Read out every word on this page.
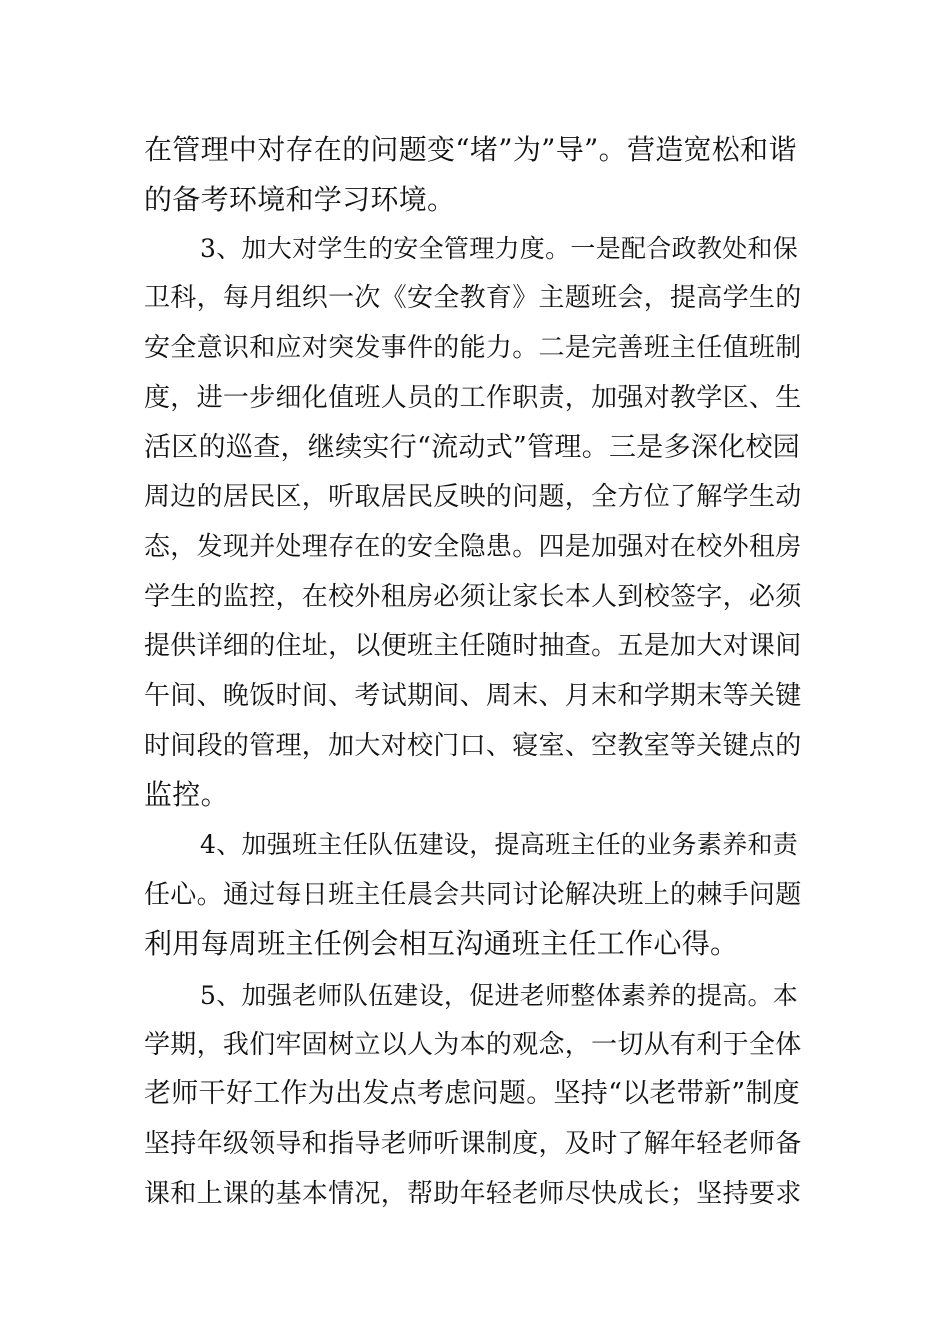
在管理中对存在的问题变“堵”为”导”。营造宽松和谐
的备考环境和学习环境。
3、加大对学生的安全管理力度。一是配合政教处和保
卫科，每月组织一次《安全教育》主题班会，提高学生的
安全意识和应对突发事件的能力。二是完善班主任值班制
度，进一步细化值班人员的工作职责，加强对教学区、生
活区的巡查，继续实行“流动式”管理。三是多深化校园
周边的居民区，听取居民反映的问题，全方位了解学生动
态，发现并处理存在的安全隐患。四是加强对在校外租房
学生的监控，在校外租房必须让家长本人到校签字，必须
提供详细的住址，以便班主任随时抽查。五是加大对课间
午间、晚饭时间、考试期间、周末、月末和学期末等关键
时间段的管理，加大对校门口、寝室、空教室等关键点的
监控。
4、加强班主任队伍建设，提高班主任的业务素养和责
任心。通过每日班主任晨会共同讨论解决班上的棘手问题
利用每周班主任例会相互沟通班主任工作心得。
5、加强老师队伍建设，促进老师整体素养的提高。本
学期，我们牢固树立以人为本的观念，一切从有利于全体
老师干好工作为出发点考虑问题。坚持“以老带新”制度
坚持年级领导和指导老师听课制度，及时了解年轻老师备
课和上课的基本情况，帮助年轻老师尽快成长；坚持要求
